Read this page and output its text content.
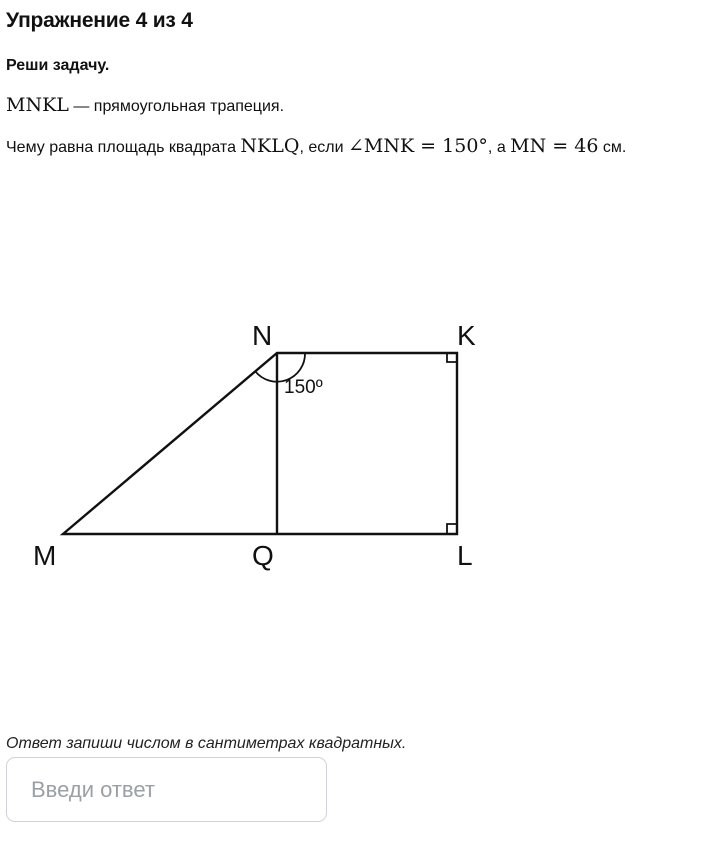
Упражнение 4 из 4
Реши задачу.
MNKL — прямоугольная трапеция.
Чему равна площадь квадрата NKLQ, если ∠MNK = 150°, а MN = 46 см.
N	K
M	Q	L
150º
Ответ запиши числом в сантиметрах квадратных.
Введи ответ
